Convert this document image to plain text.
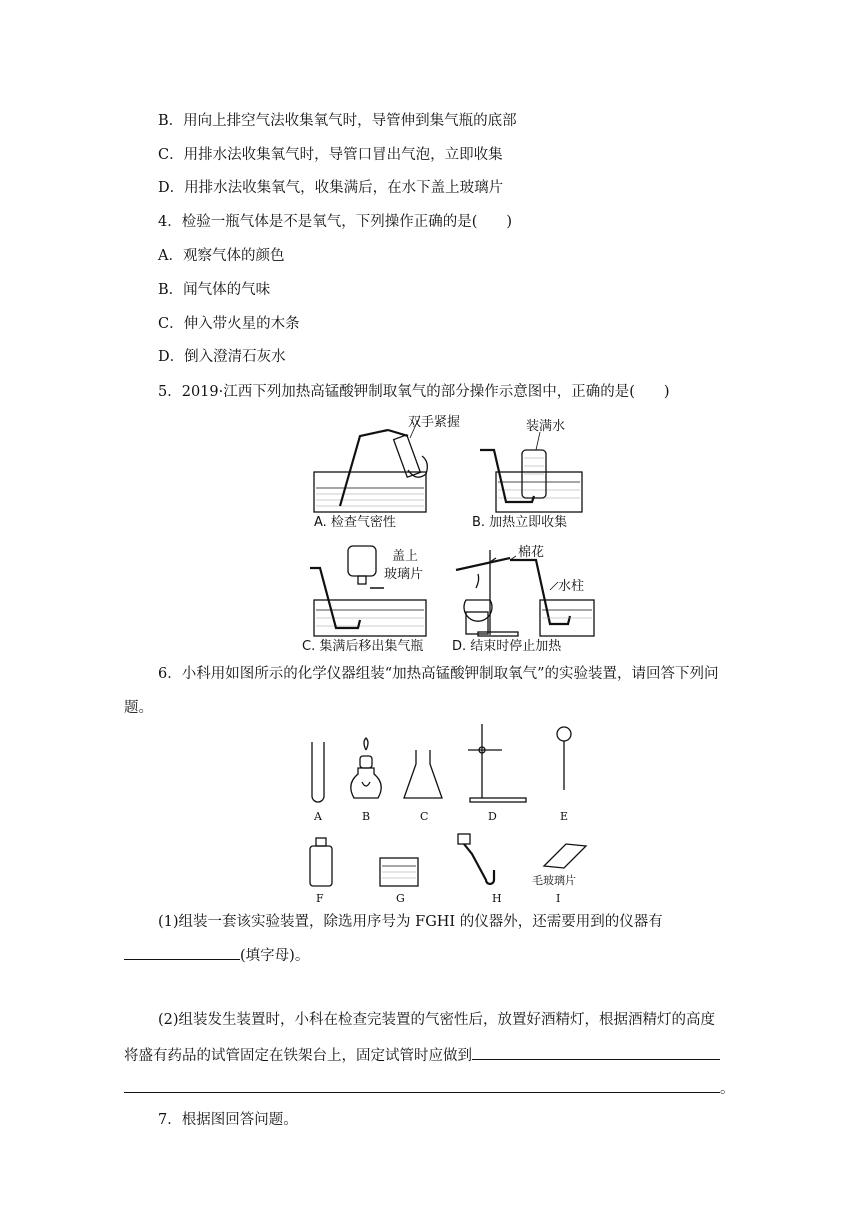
B．用向上排空气法收集氧气时，导管伸到集气瓶的底部
C．用排水法收集氧气时，导管口冒出气泡，立即收集
D．用排水法收集氧气，收集满后，在水下盖上玻璃片
4．检验一瓶气体是不是氧气，下列操作正确的是(　　)
A．观察气体的颜色
B．闻气体的气味
C．伸入带火星的木条
D．倒入澄清石灰水
5．2019·江西下列加热高锰酸钾制取氧气的部分操作示意图中，正确的是(　　)
双手紧握
A. 检查气密性
装满水
B. 加热立即收集
盖上
玻璃片
C. 集满后移出集气瓶
棉花
水柱
D. 结束时停止加热
6．小科用如图所示的化学仪器组装“加热高锰酸钾制取氧气”的实验装置，请回答下列问
题。
A	B	C	D	E
F	G	H
毛玻璃片
I
(1)组装一套该实验装置，除选用序号为 FGHI 的仪器外，还需要用到的仪器有
(填字母)。
(2)组装发生装置时，小科在检查完装置的气密性后，放置好酒精灯，根据酒精灯的高度
将盛有药品的试管固定在铁架台上，固定试管时应做到
。
7．根据图回答问题。
